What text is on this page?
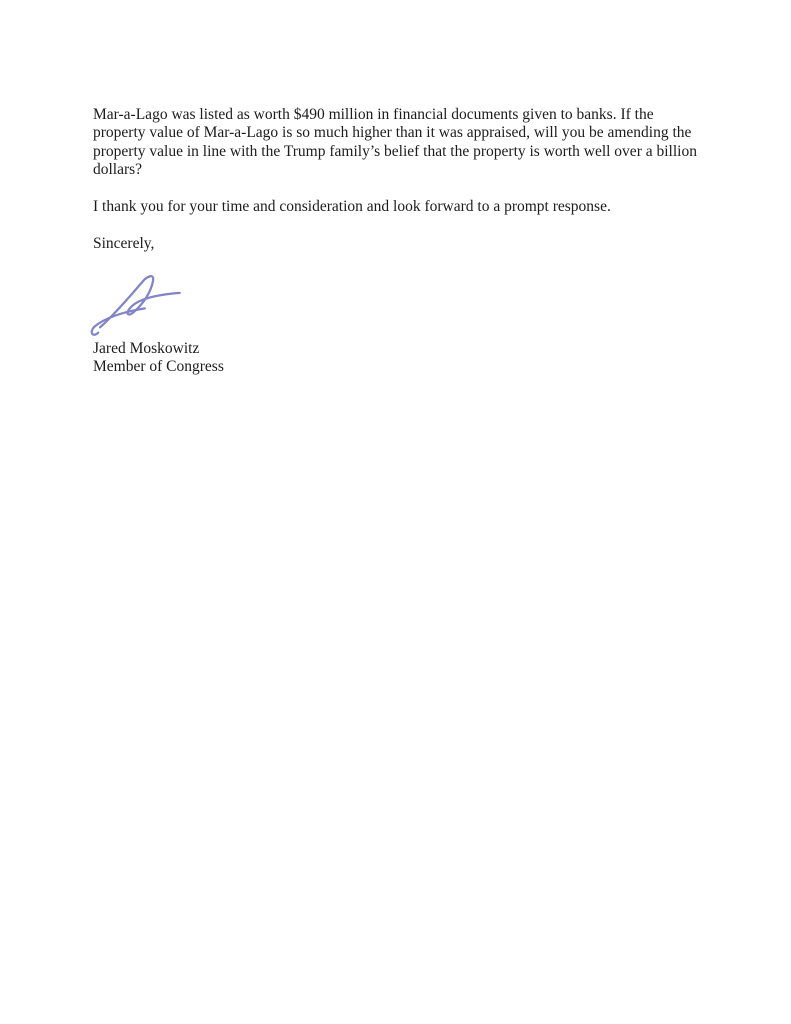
Mar-a-Lago was listed as worth $490 million in financial documents given to banks. If the property value of Mar-a-Lago is so much higher than it was appraised, will you be amending the property value in line with the Trump family’s belief that the property is worth well over a billion dollars?

I thank you for your time and consideration and look forward to a prompt response.

Sincerely,

Jared Moskowitz
Member of Congress
